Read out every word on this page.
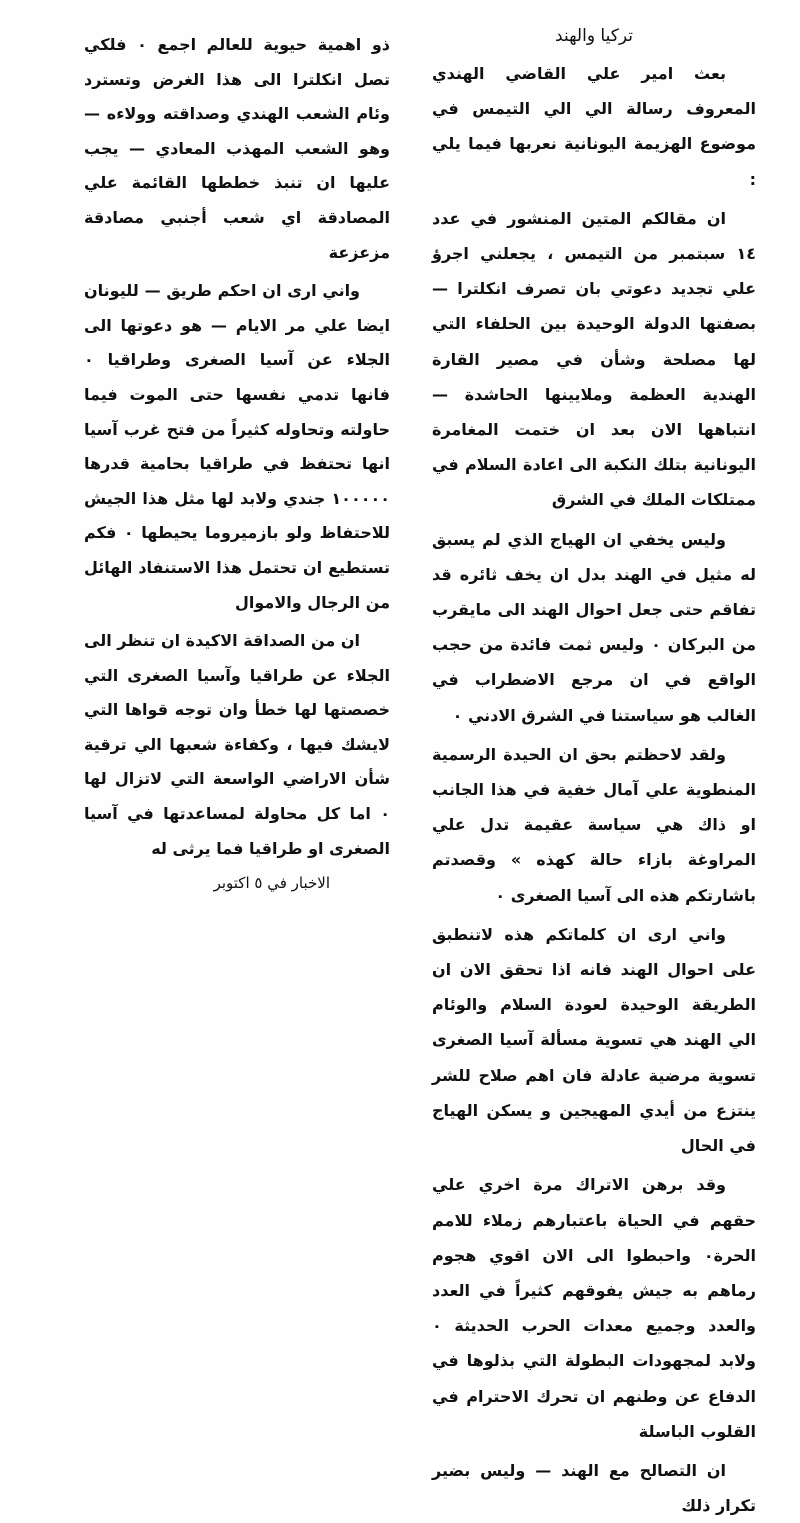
تركيا والهند

بعث امير علي القاضي الهندي المعروف رسالة الي الي التيمس في موضوع الهزيمة اليونانية نعربها فيما يلي :

ان مقالكم المتين المنشور في عدد ١٤ سبتمبر من التيمس ، يجعلني اجرؤ علي تجديد دعوتي بان تصرف انكلترا — بصفتها الدولة الوحيدة بين الحلفاء التي لها مصلحة وشأن في مصير القارة الهندية العظمة وملايينها الحاشدة — انتباهها الان بعد ان ختمت المغامرة اليونانية بتلك النكبة الى اعادة السلام في ممتلكات الملك في الشرق

وليس يخفي ان الهياج الذي لم يسبق له مثيل في الهند بدل ان يخف ثائره قد تفاقم حتى جعل احوال الهند الى مايقرب من البركان ٠ وليس ثمت فائدة من حجب الواقع في ان مرجع الاضطراب في الغالب هو سياستنا في الشرق الادني ٠

ولقد لاحظتم بحق ان الحيدة الرسمية المنطوية علي آمال خفية في هذا الجانب او ذاك هي سياسة عقيمة تدل علي المراوغة بازاء حالة كهذه » وقصدتم باشارتكم هذه الى آسيا الصغرى ٠

واني ارى ان كلماتكم هذه لاتنطبق على احوال الهند فانه اذا تحقق الان ان الطريقة الوحيدة لعودة السلام والوئام الي الهند هي تسوية مسألة آسيا الصغرى تسوية مرضية عادلة فان اهم صلاح للشر ينتزع من أيدي المهيجين و يسكن الهياج في الحال

وقد برهن الاتراك مرة اخري علي حقهم في الحياة باعتبارهم زملاء للامم الحرة٠ واحبطوا الى الان اقوي هجوم رماهم به جيش يفوقهم كثيراً في العدد والعدد وجميع معدات الحرب الحديثة ٠ ولابد لمجهودات البطولة التي بذلوها في الدفاع عن وطنهم ان تحرك الاحترام في القلوب الباسلة

ان التصالح مع الهند — وليس بضير تكرار ذلك

ذو اهمية حيوية للعالم اجمع ٠ فلكي تصل انكلترا الى هذا الغرض وتسترد وئام الشعب الهندي وصداقته وولاءه — وهو الشعب المهذب المعادي — يجب عليها ان تنبذ خططها القائمة علي المصادقة اي شعب أجنبي مصادقة مزعزعة

واني ارى ان احكم طريق — لليونان ايضا علي مر الايام — هو دعوتها الى الجلاء عن آسيا الصغرى وطراقيا ٠ فانها تدمي نفسها حتى الموت فيما حاولته وتحاوله كثيراً من فتح غرب آسيا انها تحتفظ في طراقيا بحامية قدرها ١٠٠٠٠٠ جندي ولابد لها مثل هذا الجيش للاحتفاظ ولو بازميروما يحيطها ٠ فكم تستطيع ان تحتمل هذا الاستنفاد الهائل من الرجال والاموال

ان من الصداقة الاكيدة ان تنظر الى الجلاء عن طراقيا وآسيا الصغرى التي خصصتها لها خطأ وان توجه قواها التي لايشك فيها ، وكفاءة شعبها الي ترقية شأن الاراضي الواسعة التي لاتزال لها ٠ اما كل محاولة لمساعدتها في آسيا الصغرى او طراقيا فما يرثى له

الاخبار في ٥ اكتوبر
